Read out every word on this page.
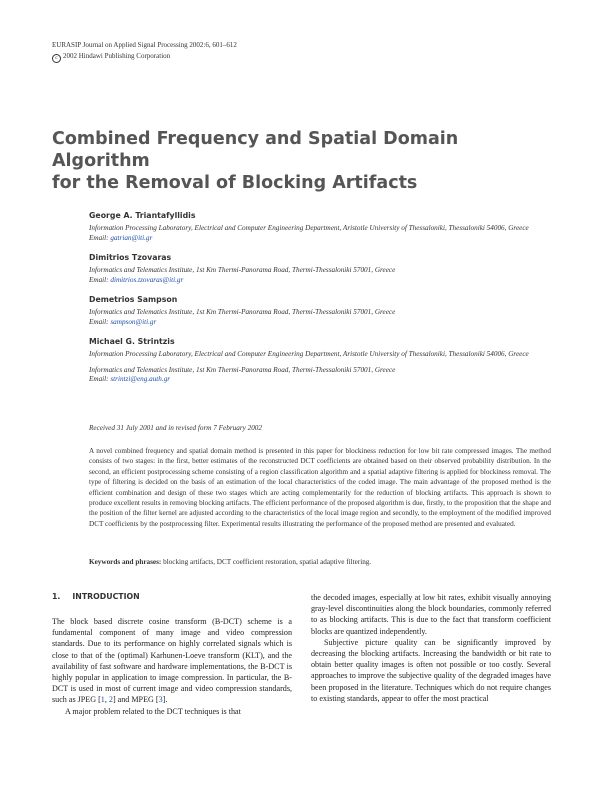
EURASIP Journal on Applied Signal Processing 2002:6, 601–612
c 2002 Hindawi Publishing Corporation
Combined Frequency and Spatial Domain Algorithm
for the Removal of Blocking Artifacts
George A. Triantafyllidis
Information Processing Laboratory, Electrical and Computer Engineering Department, Aristotle University of Thessaloniki, Thessaloniki 54006, Greece
Email: gatrian@iti.gr
Dimitrios Tzovaras
Informatics and Telematics Institute, 1st Km Thermi-Panorama Road, Thermi-Thessaloniki 57001, Greece
Email: dimitrios.tzovaras@iti.gr
Demetrios Sampson
Informatics and Telematics Institute, 1st Km Thermi-Panorama Road, Thermi-Thessaloniki 57001, Greece
Email: sampson@iti.gr
Michael G. Strintzis
Information Processing Laboratory, Electrical and Computer Engineering Department, Aristotle University of Thessaloniki, Thessaloniki 54006, Greece
Informatics and Telematics Institute, 1st Km Thermi-Panorama Road, Thermi-Thessaloniki 57001, Greece
Email: strintzi@eng.auth.gr
Received 31 July 2001 and in revised form 7 February 2002
A novel combined frequency and spatial domain method is presented in this paper for blockiness reduction for low bit rate compressed images. The method consists of two stages: in the first, better estimates of the reconstructed DCT coefficients are obtained based on their observed probability distribution. In the second, an efficient postprocessing scheme consisting of a region classification algorithm and a spatial adaptive filtering is applied for blockiness removal. The type of filtering is decided on the basis of an estimation of the local characteristics of the coded image. The main advantage of the proposed method is the efficient combination and design of these two stages which are acting complementarily for the reduction of blocking artifacts. This approach is shown to produce excellent results in removing blocking artifacts. The efficient performance of the proposed algorithm is due, firstly, to the proposition that the shape and the position of the filter kernel are adjusted according to the characteristics of the local image region and secondly, to the employment of the modified improved DCT coefficients by the postprocessing filter. Experimental results illustrating the performance of the proposed method are presented and evaluated.
Keywords and phrases: blocking artifacts, DCT coefficient restoration, spatial adaptive filtering.
1. INTRODUCTION

The block based discrete cosine transform (B-DCT) scheme is a fundamental component of many image and video compression standards. Due to its performance on highly correlated signals which is close to that of the (optimal) Karhunen-Loeve transform (KLT), and the availability of fast software and hardware implementations, the B-DCT is highly popular in application to image compression. In particular, the B-DCT is used in most of current image and video compression standards, such as JPEG [1, 2] and MPEG [3].

A major problem related to the DCT techniques is that

the decoded images, especially at low bit rates, exhibit visually annoying gray-level discontinuities along the block boundaries, commonly referred to as blocking artifacts. This is due to the fact that transform coefficient blocks are quantized independently.

Subjective picture quality can be significantly improved by decreasing the blocking artifacts. Increasing the bandwidth or bit rate to obtain better quality images is often not possible or too costly. Several approaches to improve the subjective quality of the degraded images have been proposed in the literature. Techniques which do not require changes to existing standards, appear to offer the most practical
